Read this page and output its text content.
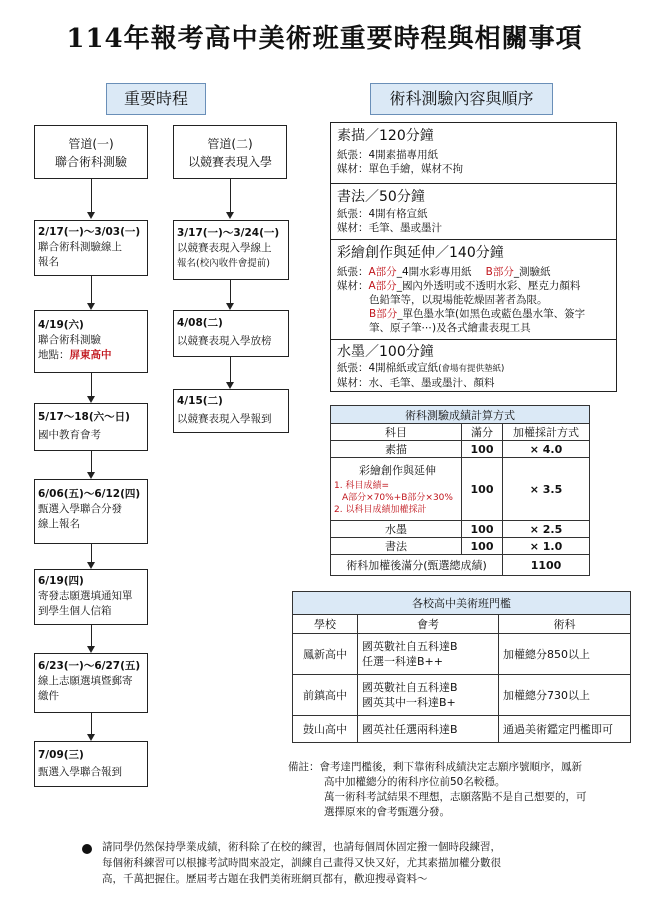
114年報考高中美術班重要時程與相關事項
重要時程	術科測驗內容與順序
管道(一)
聯合術科測驗
管道(二)
以競賽表現入學
2/17(一)～3/03(一)
聯合術科測驗線上
報名
4/19(六)
聯合術科測驗
地點：屏東高中
5/17～18(六～日)
國中教育會考
6/06(五)～6/12(四)
甄選入學聯合分發
線上報名
6/19(四)
寄發志願選填通知單
到學生個人信箱
6/23(一)～6/27(五)
線上志願選填暨郵寄
繳件
7/09(三)
甄選入學聯合報到
3/17(一)～3/24(一)
以競賽表現入學線上
報名(校內收件會提前)
4/08(二)
以競賽表現入學放榜
4/15(二)
以競賽表現入學報到
素描／120分鐘
紙張：4開素描專用紙
媒材：單色手繪，媒材不拘
書法／50分鐘
紙張：4開有格宣紙
媒材：毛筆、墨或墨汁
彩繪創作與延伸／140分鐘
紙張：A部分_4開水彩專用紙 B部分_測驗紙
媒材：A部分_國內外透明或不透明水彩、壓克力顏料
色鉛筆等，以現場能乾燥固著者為限。
B部分_單色墨水筆(如黑色或藍色墨水筆、簽字
筆、原子筆⋯)及各式繪畫表現工具
水墨／100分鐘
紙張：4開棉紙或宣紙(會場有提供墊紙)
媒材：水、毛筆、墨或墨汁、顏料
術科測驗成績計算方式		
科目	滿分	加權採計方式
素描	100	× 4.0

彩繪創作與延伸
1. 科目成績=
A部分×70%+B部分×30%
2. 以科目成績加權採計	100	× 3.5
水墨	100	× 2.5
書法	100	× 1.0
術科加權後滿分(甄選總成績)		1100
各校高中美術班門檻		
學校	會考	術科
鳳新高中	國英數社自五科達B
任選一科達B++	加權總分850以上
前鎮高中	國英數社自五科達B
國英其中一科達B+	加權總分730以上
鼓山高中	國英社任選兩科達B	通過美術鑑定門檻即可
備註：會考達門檻後，剩下靠術科成績決定志願序號順序，鳳新
高中加權總分的術科序位前50名較穩。
萬一術科考試結果不理想，志願落點不是自己想要的，可
選擇原來的會考甄選分發。
請同學仍然保持學業成績，術科除了在校的練習，也請每個周休固定撥一個時段練習，
每個術科練習可以根據考試時間來設定，訓練自己畫得又快又好，尤其素描加權分數很
高，千萬把握住。歷屆考古題在我們美術班網頁都有，歡迎搜尋資料～
